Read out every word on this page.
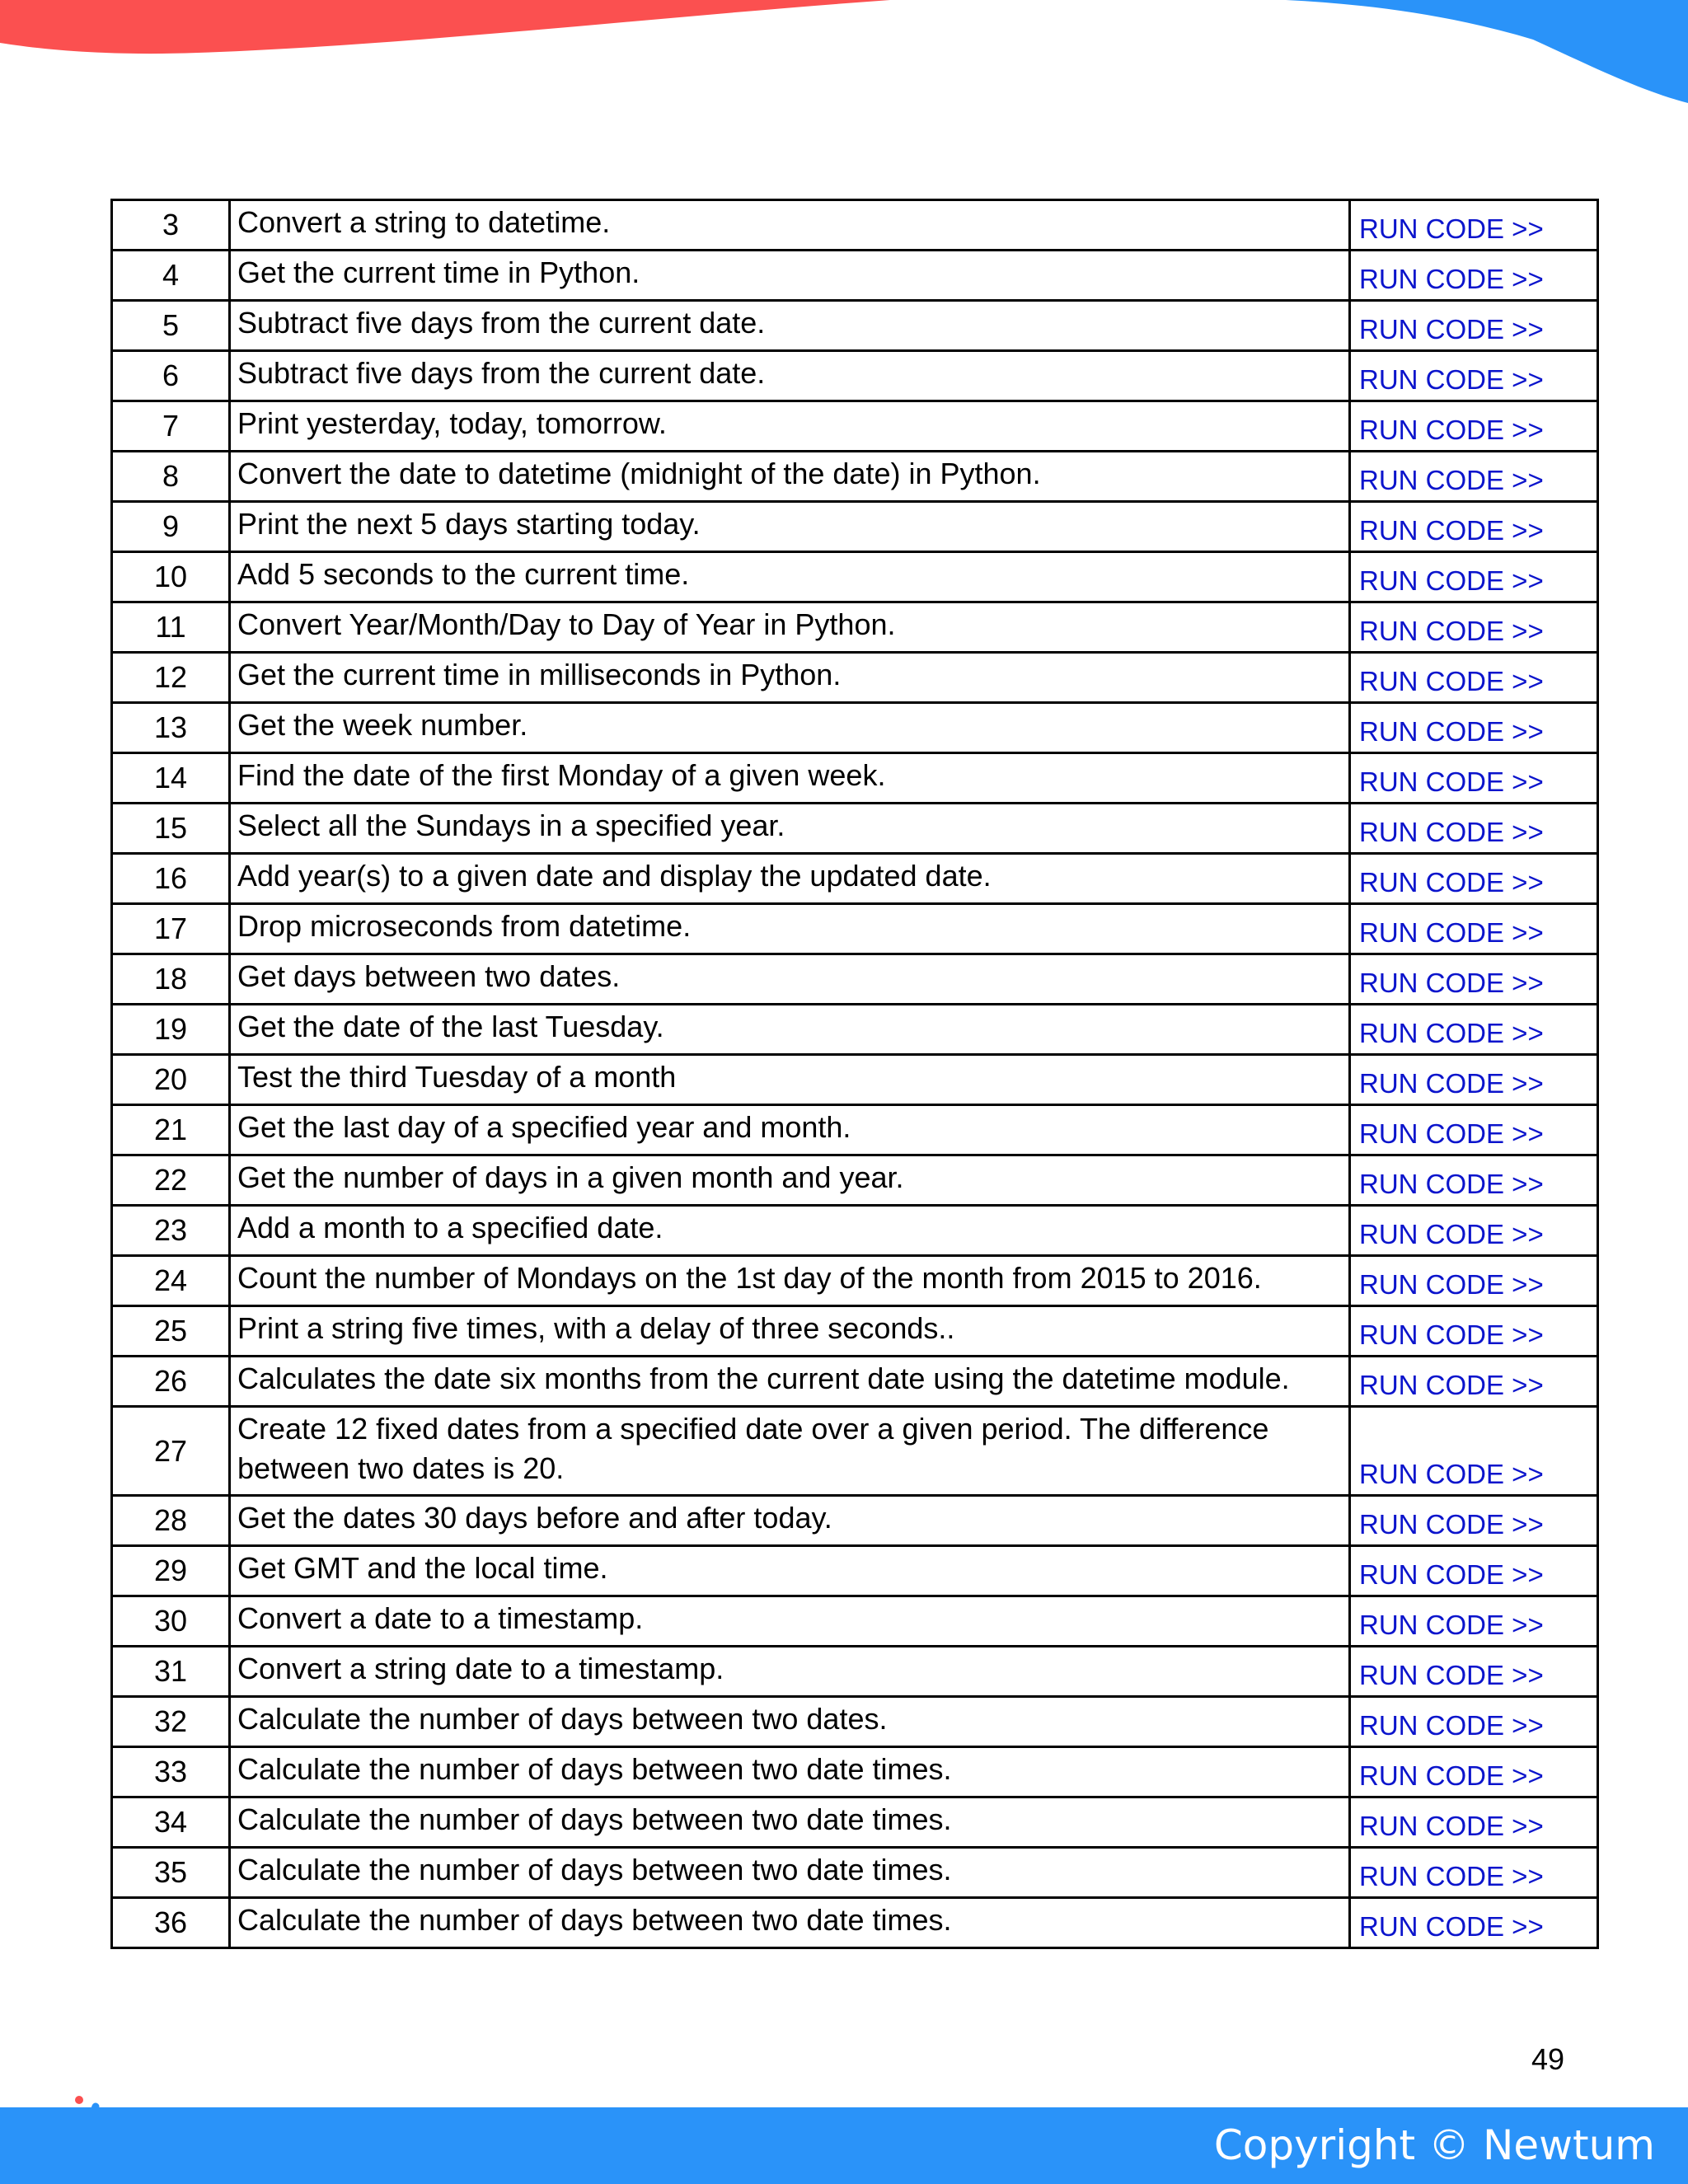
3	Convert a string to datetime.	RUN CODE >>
4	Get the current time in Python.	RUN CODE >>
5	Subtract five days from the current date.	RUN CODE >>
6	Subtract five days from the current date.	RUN CODE >>
7	Print yesterday, today, tomorrow.	RUN CODE >>
8	Convert the date to datetime (midnight of the date) in Python.	RUN CODE >>
9	Print the next 5 days starting today.	RUN CODE >>
10	Add 5 seconds to the current time.	RUN CODE >>
11	Convert Year/Month/Day to Day of Year in Python.	RUN CODE >>
12	Get the current time in milliseconds in Python.	RUN CODE >>
13	Get the week number.	RUN CODE >>
14	Find the date of the first Monday of a given week.	RUN CODE >>
15	Select all the Sundays in a specified year.	RUN CODE >>
16	Add year(s) to a given date and display the updated date.	RUN CODE >>
17	Drop microseconds from datetime.	RUN CODE >>
18	Get days between two dates.	RUN CODE >>
19	Get the date of the last Tuesday.	RUN CODE >>
20	Test the third Tuesday of a month	RUN CODE >>
21	Get the last day of a specified year and month.	RUN CODE >>
22	Get the number of days in a given month and year.	RUN CODE >>
23	Add a month to a specified date.	RUN CODE >>
24	Count the number of Mondays on the 1st day of the month from 2015 to 2016.	RUN CODE >>
25	Print a string five times, with a delay of three seconds..	RUN CODE >>
26	Calculates the date six months from the current date using the datetime module.	RUN CODE >>
27	Create 12 fixed dates from a specified date over a given period. The difference between two dates is 20.	RUN CODE >>
28	Get the dates 30 days before and after today.	RUN CODE >>
29	Get GMT and the local time.	RUN CODE >>
30	Convert a date to a timestamp.	RUN CODE >>
31	Convert a string date to a timestamp.	RUN CODE >>
32	Calculate the number of days between two dates.	RUN CODE >>
33	Calculate the number of days between two date times.	RUN CODE >>
34	Calculate the number of days between two date times.	RUN CODE >>
35	Calculate the number of days between two date times.	RUN CODE >>
36	Calculate the number of days between two date times.	RUN CODE >>
49
Copyright © Newtum
